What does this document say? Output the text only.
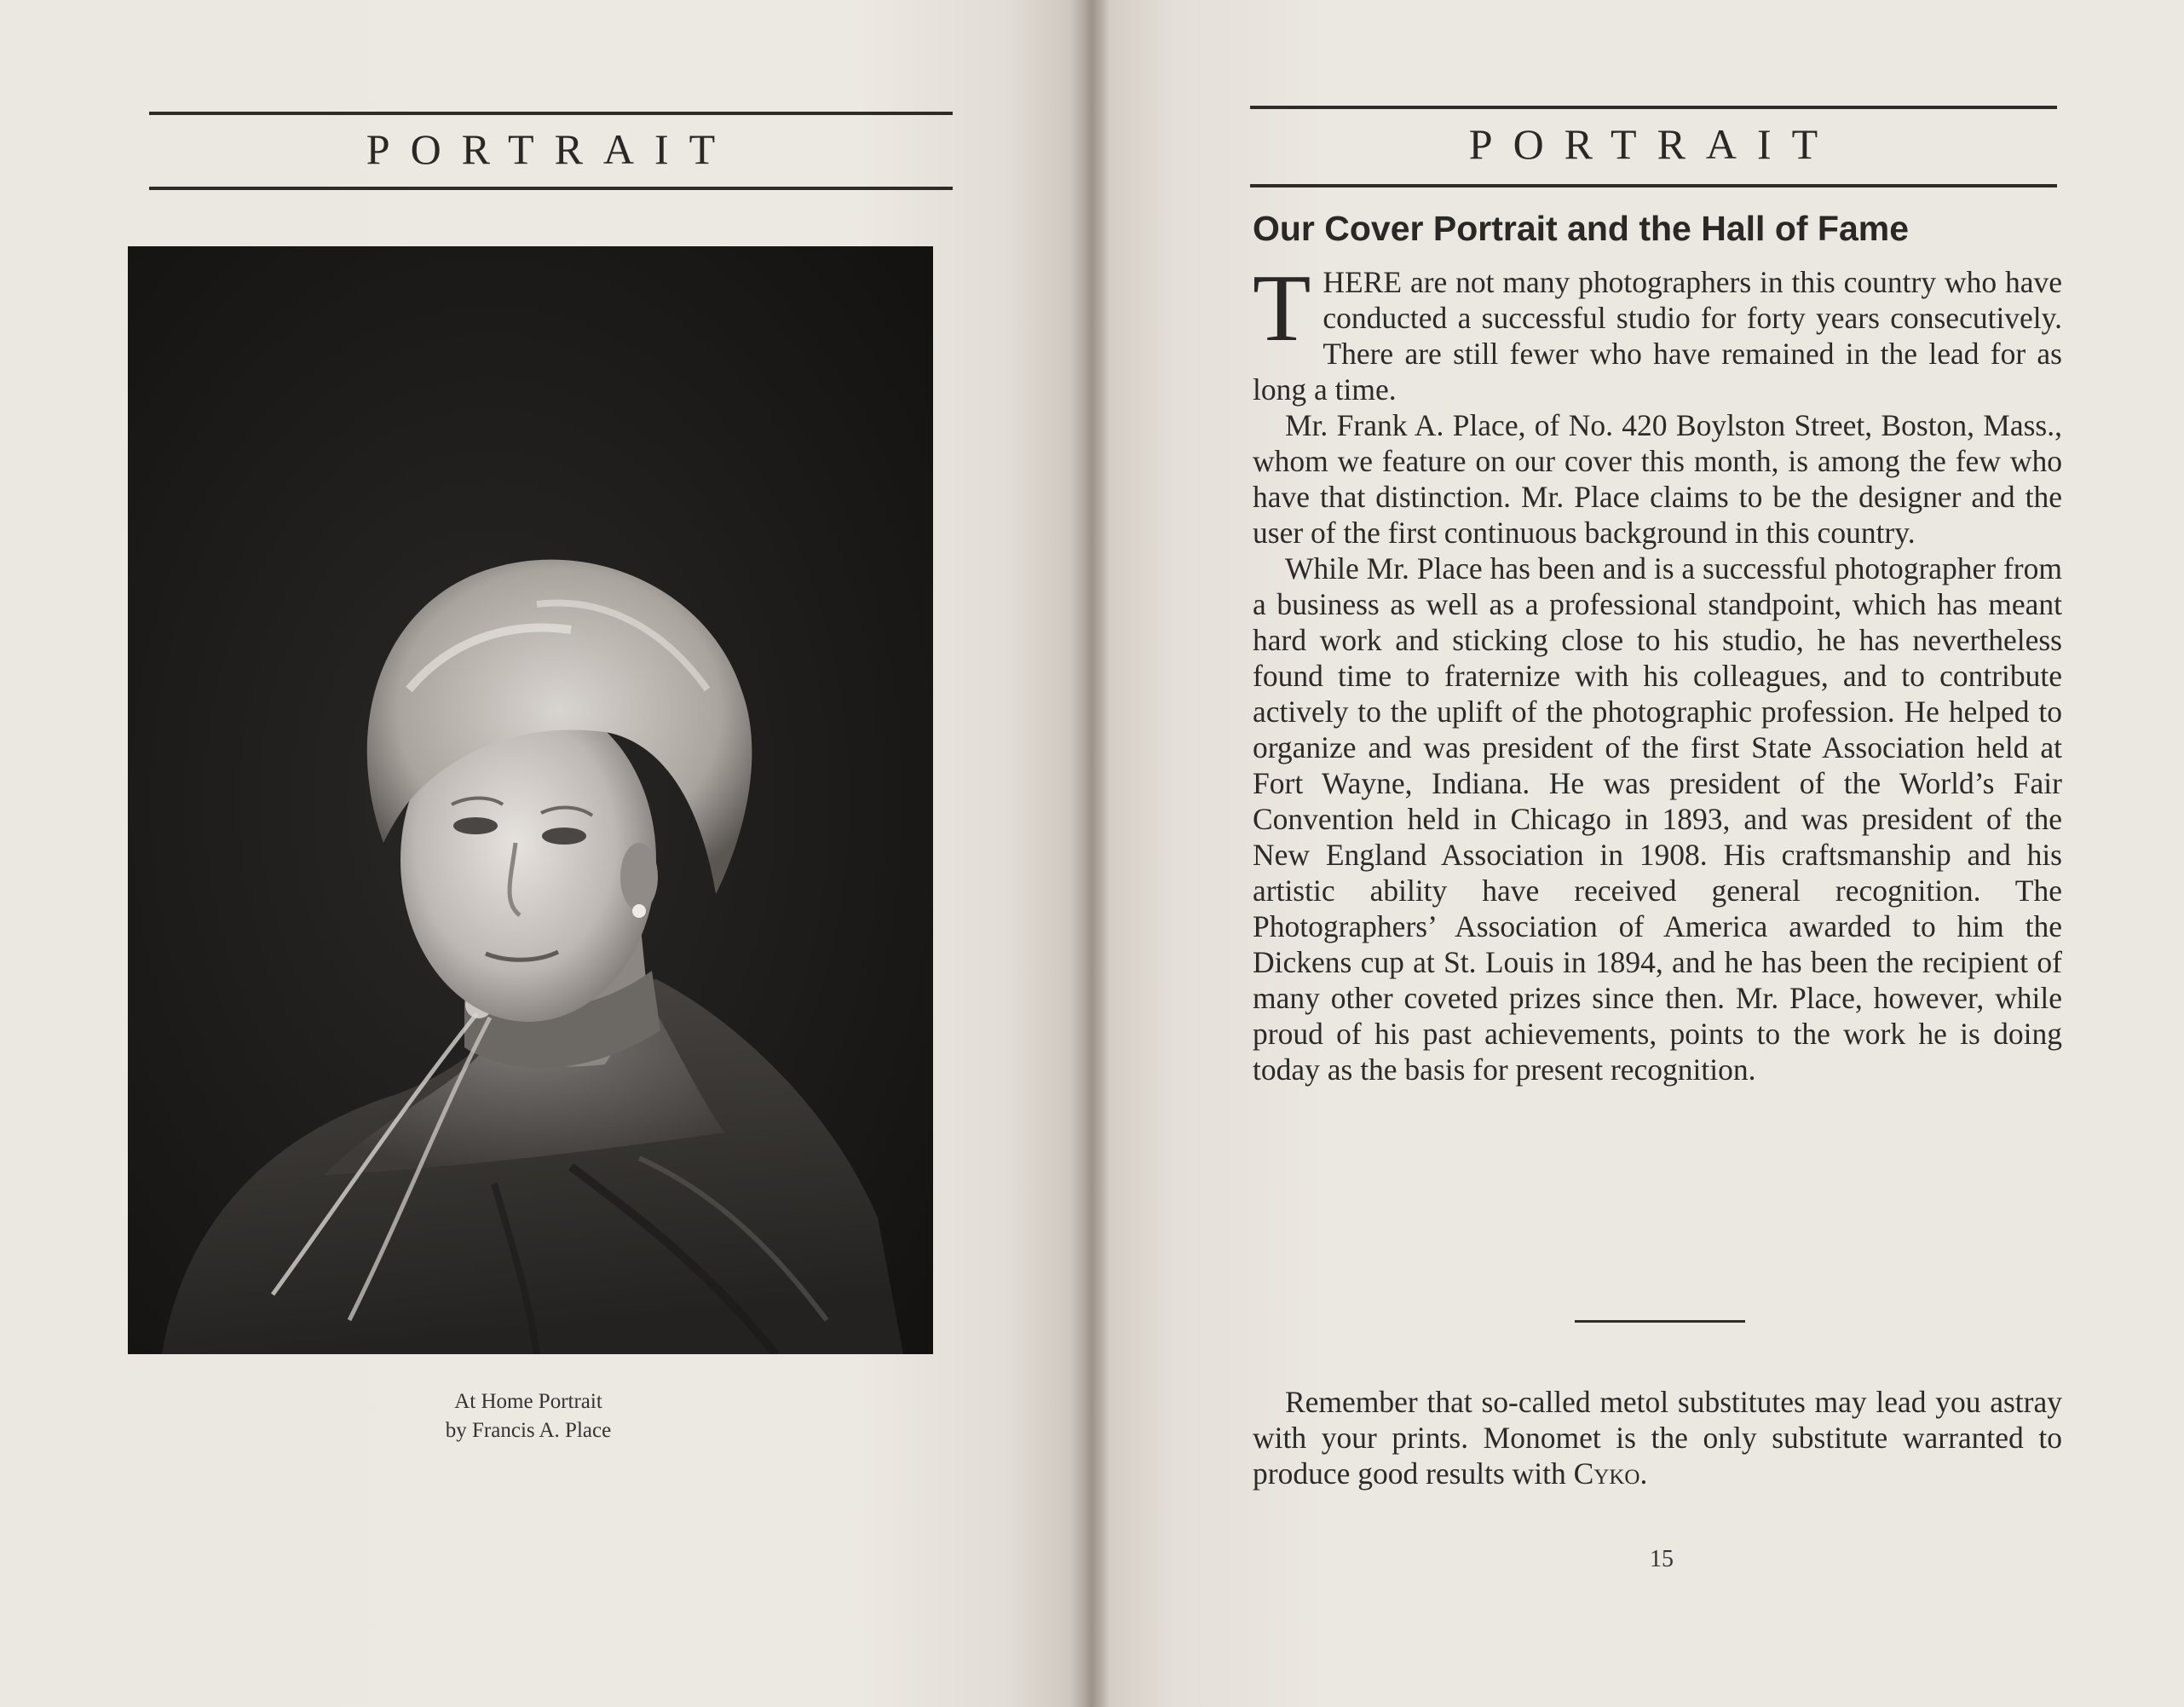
PORTRAIT
At Home Portrait
by Francis A. Place
PORTRAIT
Our Cover Portrait and the Hall of Fame

THERE are not many photographers in this country who have conducted a successful studio for forty years consecutively. There are still fewer who have remained in the lead for as long a time.

Mr. Frank A. Place, of No. 420 Boylston Street, Boston, Mass., whom we feature on our cover this month, is among the few who have that distinction. Mr. Place claims to be the designer and the user of the first continuous background in this country.

While Mr. Place has been and is a successful photographer from a business as well as a professional standpoint, which has meant hard work and sticking close to his studio, he has nevertheless found time to fraternize with his colleagues, and to contribute actively to the uplift of the photographic profession. He helped to organize and was president of the first State Association held at Fort Wayne, Indiana. He was president of the World’s Fair Convention held in Chicago in 1893, and was president of the New England Association in 1908. His craftsmanship and his artistic ability have received general recognition. The Photographers’ Association of America awarded to him the Dickens cup at St. Louis in 1894, and he has been the recipient of many other coveted prizes since then. Mr. Place, however, while proud of his past achievements, points to the work he is doing today as the basis for present recognition.

Remember that so-called metol substitutes may lead you astray with your prints. Monomet is the only substitute warranted to produce good results with Cyko.

15
